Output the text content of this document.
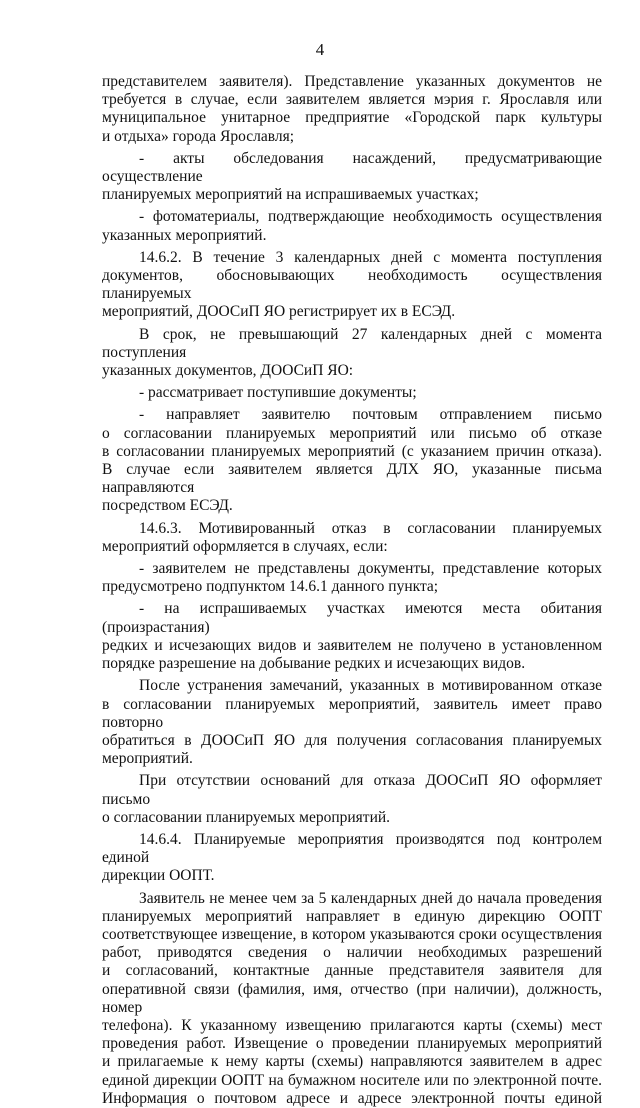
4
представителем заявителя). Представление указанных документов не
требуется в случае, если заявителем является мэрия г. Ярославля или
муниципальное унитарное предприятие «Городской парк культуры
и отдыха» города Ярославля;
- акты обследования насаждений, предусматривающие осуществление
планируемых мероприятий на испрашиваемых участках;
- фотоматериалы, подтверждающие необходимость осуществления
указанных мероприятий.
14.6.2. В течение 3 календарных дней с момента поступления
документов, обосновывающих необходимость осуществления планируемых
мероприятий, ДООСиП ЯО регистрирует их в ЕСЭД.
В срок, не превышающий 27 календарных дней с момента поступления
указанных документов, ДООСиП ЯО:
- рассматривает поступившие документы;
- направляет заявителю почтовым отправлением письмо
о согласовании планируемых мероприятий или письмо об отказе
в согласовании планируемых мероприятий (с указанием причин отказа).
В случае если заявителем является ДЛХ ЯО, указанные письма направляются
посредством ЕСЭД.
14.6.3. Мотивированный отказ в согласовании планируемых
мероприятий оформляется в случаях, если:
- заявителем не представлены документы, представление которых
предусмотрено подпунктом 14.6.1 данного пункта;
- на испрашиваемых участках имеются места обитания (произрастания)
редких и исчезающих видов и заявителем не получено в установленном
порядке разрешение на добывание редких и исчезающих видов.
После устранения замечаний, указанных в мотивированном отказе
в согласовании планируемых мероприятий, заявитель имеет право повторно
обратиться в ДООСиП ЯО для получения согласования планируемых
мероприятий.
При отсутствии оснований для отказа ДООСиП ЯО оформляет письмо
о согласовании планируемых мероприятий.
14.6.4. Планируемые мероприятия производятся под контролем единой
дирекции ООПТ.
Заявитель не менее чем за 5 календарных дней до начала проведения
планируемых мероприятий направляет в единую дирекцию ООПТ
соответствующее извещение, в котором указываются сроки осуществления
работ, приводятся сведения о наличии необходимых разрешений
и согласований, контактные данные представителя заявителя для
оперативной связи (фамилия, имя, отчество (при наличии), должность, номер
телефона). К указанному извещению прилагаются карты (схемы) мест
проведения работ. Извещение о проведении планируемых мероприятий
и прилагаемые к нему карты (схемы) направляются заявителем в адрес
единой дирекции ООПТ на бумажном носителе или по электронной почте.
Информация о почтовом адресе и адресе электронной почты единой
